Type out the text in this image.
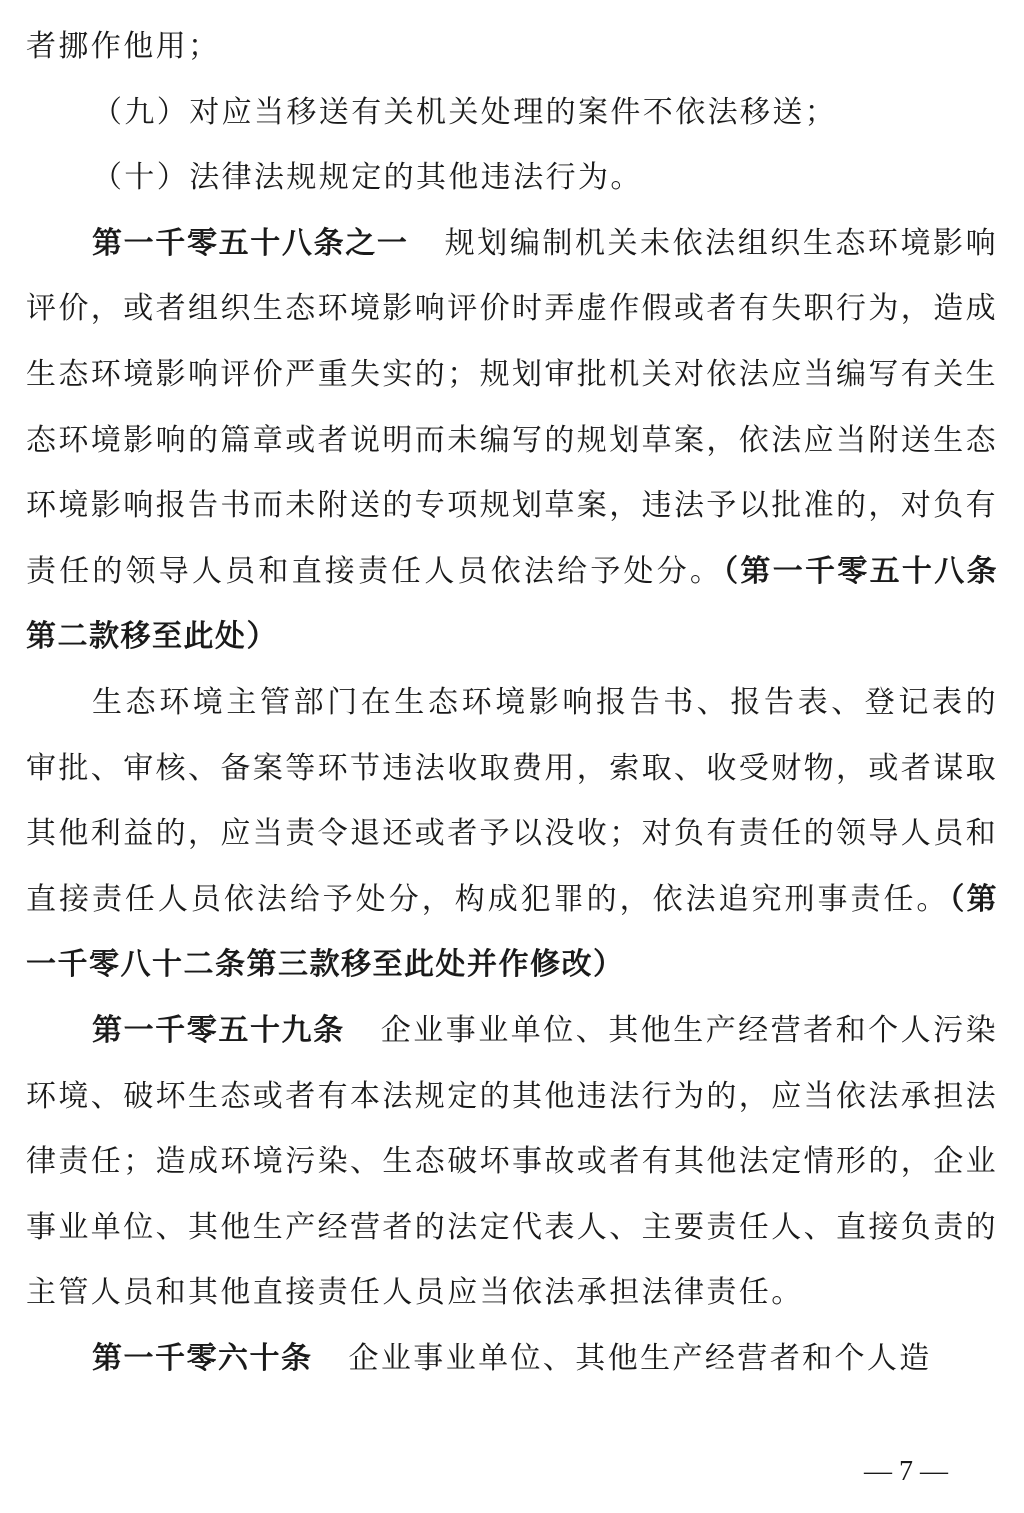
者挪作他用；

（九）对应当移送有关机关处理的案件不依法移送；

（十）法律法规规定的其他违法行为。

第一千零五十八条之一 规划编制机关未依法组织生态环境影响评价，或者组织生态环境影响评价时弄虚作假或者有失职行为，造成生态环境影响评价严重失实的；规划审批机关对依法应当编写有关生态环境影响的篇章或者说明而未编写的规划草案，依法应当附送生态环境影响报告书而未附送的专项规划草案，违法予以批准的，对负有责任的领导人员和直接责任人员依法给予处分。（第一千零五十八条第二款移至此处）

生态环境主管部门在生态环境影响报告书、报告表、登记表的审批、审核、备案等环节违法收取费用，索取、收受财物，或者谋取其他利益的，应当责令退还或者予以没收；对负有责任的领导人员和直接责任人员依法给予处分，构成犯罪的，依法追究刑事责任。（第一千零八十二条第三款移至此处并作修改）

第一千零五十九条 企业事业单位、其他生产经营者和个人污染环境、破坏生态或者有本法规定的其他违法行为的，应当依法承担法律责任；造成环境污染、生态破坏事故或者有其他法定情形的，企业事业单位、其他生产经营者的法定代表人、主要责任人、直接负责的主管人员和其他直接责任人员应当依法承担法律责任。

第一千零六十条 企业事业单位、其他生产经营者和个人造

— 7 —
